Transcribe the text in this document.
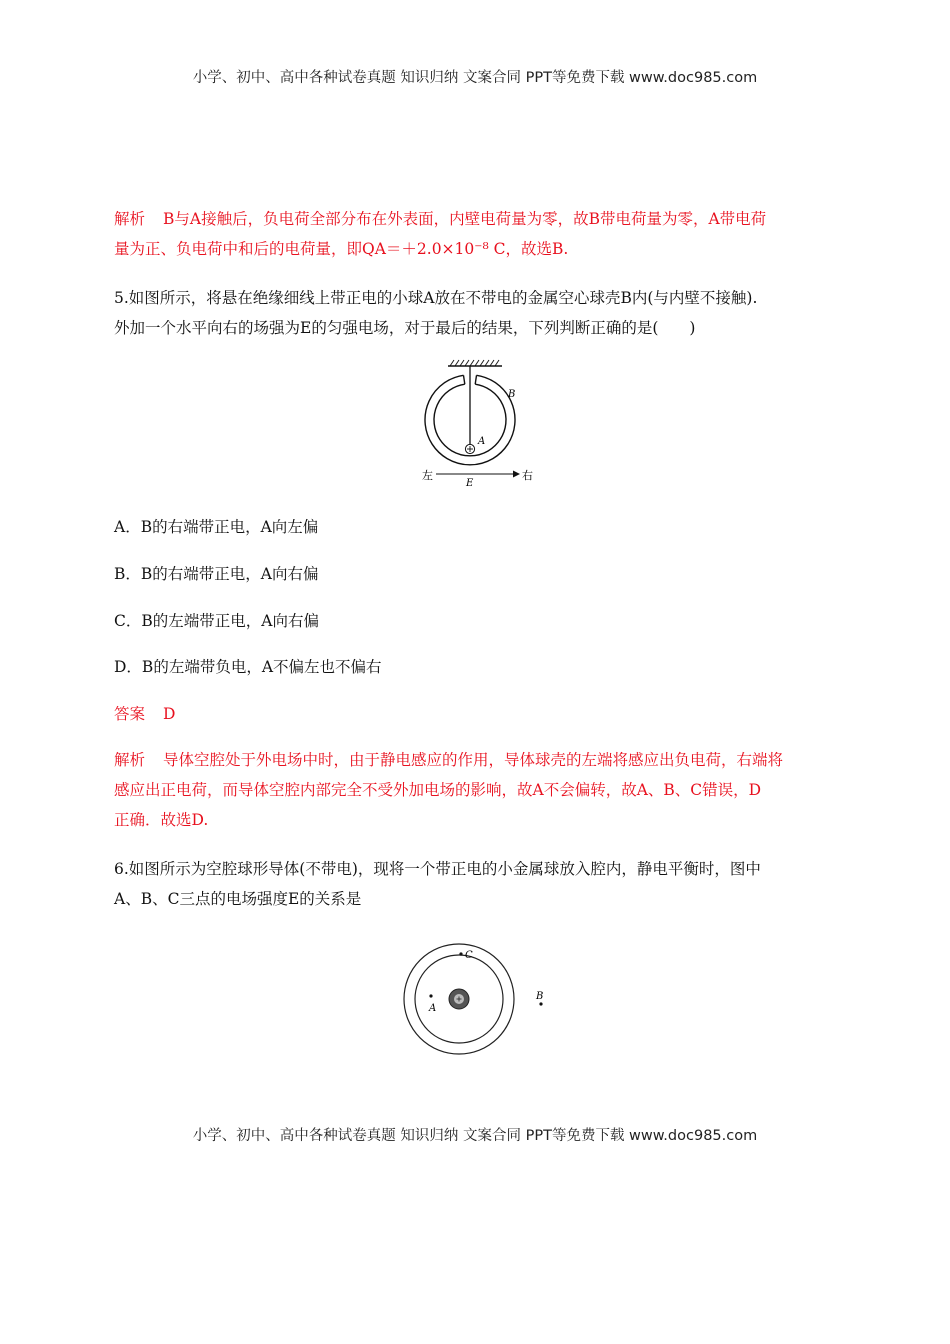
小学、初中、高中各种试卷真题 知识归纳 文案合同 PPT等免费下载 www.doc985.com
解析 B与A接触后，负电荷全部分布在外表面，内壁电荷量为零，故B带电荷量为零，A带电荷
量为正、负电荷中和后的电荷量，即QA＝＋2.0×10⁻⁸ C，故选B.
5.如图所示，将悬在绝缘细线上带正电的小球A放在不带电的金属空心球壳B内(与内壁不接触).
外加一个水平向右的场强为E的匀强电场，对于最后的结果，下列判断正确的是(　　)
A
B
左	右
E
A．B的右端带正电，A向左偏
B．B的右端带正电，A向右偏
C．B的左端带正电，A向右偏
D．B的左端带负电，A不偏左也不偏右
答案 D
解析 导体空腔处于外电场中时，由于静电感应的作用，导体球壳的左端将感应出负电荷，右端将
感应出正电荷，而导体空腔内部完全不受外加电场的影响，故A不会偏转，故A、B、C错误，D
正确．故选D.
6.如图所示为空腔球形导体(不带电)，现将一个带正电的小金属球放入腔内，静电平衡时，图中
A、B、C三点的电场强度E的关系是
C
A
B
小学、初中、高中各种试卷真题 知识归纳 文案合同 PPT等免费下载 www.doc985.com
